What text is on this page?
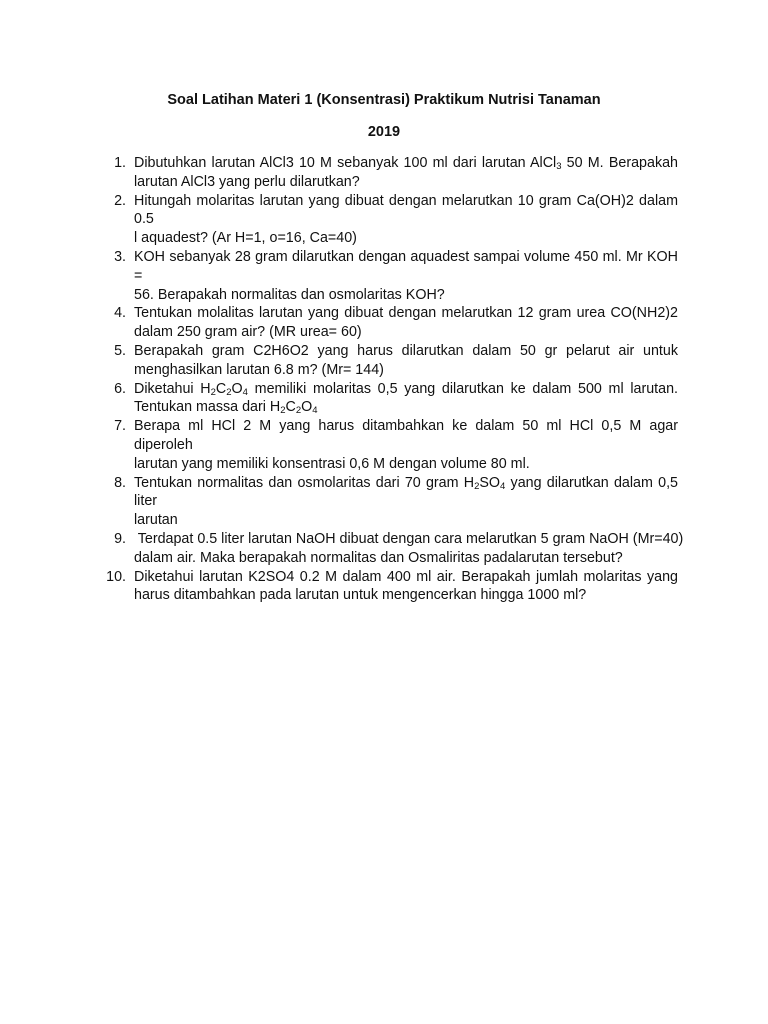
Soal Latihan Materi 1 (Konsentrasi) Praktikum Nutrisi Tanaman
2019
1. Dibutuhkan larutan AlCl3 10 M sebanyak 100 ml dari larutan AlCl$_3$ 50 M. Berapakah
larutan AlCl3 yang perlu dilarutkan?
2. Hitungah molaritas larutan yang dibuat dengan melarutkan 10 gram Ca(OH)2 dalam 0.5
l aquadest? (Ar H=1, o=16, Ca=40)
3. KOH sebanyak 28 gram dilarutkan dengan aquadest sampai volume 450 ml. Mr KOH =
56. Berapakah normalitas dan osmolaritas KOH?
4. Tentukan molalitas larutan yang dibuat dengan melarutkan 12 gram urea CO(NH2)2
dalam 250 gram air? (MR urea= 60)
5. Berapakah gram C2H6O2 yang harus dilarutkan dalam 50 gr pelarut air untuk
menghasilkan larutan 6.8 m? (Mr= 144)
6. Diketahui $H_2C_2O_4$ memiliki molaritas 0,5 yang dilarutkan ke dalam 500 ml larutan.
Tentukan massa dari $H_2C_2O_4$
7. Berapa ml HCl 2 M yang harus ditambahkan ke dalam 50 ml HCl 0,5 M agar diperoleh
larutan yang memiliki konsentrasi 0,6 M dengan volume 80 ml.
8. Tentukan normalitas dan osmolaritas dari 70 gram $H_2SO_4$ yang dilarutkan dalam 0,5 liter
larutan
9. Terdapat 0.5 liter larutan NaOH dibuat dengan cara melarutkan 5 gram NaOH (Mr=40)
dalam air. Maka berapakah normalitas dan Osmaliritas padalarutan tersebut?
10. Diketahui larutan K2SO4 0.2 M dalam 400 ml air. Berapakah jumlah molaritas yang
harus ditambahkan pada larutan untuk mengencerkan hingga 1000 ml?
